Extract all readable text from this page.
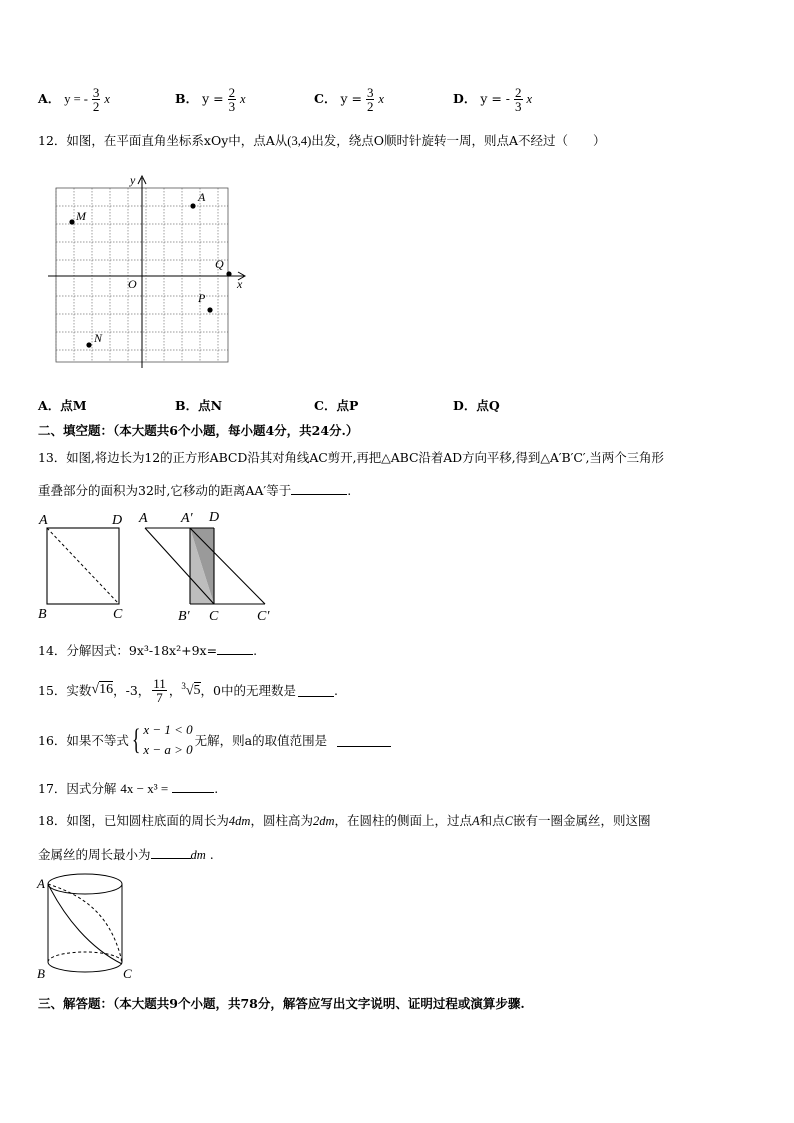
A． y = - $\frac{3}{2}$ x	B． $y = \frac{2}{3}$ x	C． $y = \frac{3}{2}$ x	D． y = - $\frac{2}{3}$ x
12．如图，在平面直角坐标系xOy中，点A从(3,4)出发，绕点O顺时针旋转一周，则点A不经过（　　）
y
x
O
A
M
Q
P
N
A．点M	B．点N	C．点P	D．点Q
二、填空题：（本大题共6个小题，每小题4分，共24分.）
13．如图,将边长为12的正方形ABCD沿其对角线AC剪开,再把△ABC沿着AD方向平移,得到△A′B′C′,当两个三角形
重叠部分的面积为32时,它移动的距离AA′等于	.
A	D
B	C
A A′ D
B′ C	C′
14．分解因式：9x³-18x²+9x=	.
15．实数 √16 ，-3， $\frac{11}{7}$ ， $^3$√5 ，0中的无理数是	.
16．如果不等式 { x − 1 < 0
x − a > 0
无解，则a的取值范围是
17．因式分解 4x − x³ =	.
18．如图，已知圆柱底面的周长为4dm，圆柱高为2dm，在圆柱的侧面上，过点A和点C嵌有一圈金属丝，则这圈
金属丝的周长最小为	dm .
A
B	C
三、解答题：（本大题共9个小题，共78分，解答应写出文字说明、证明过程或演算步骤.
